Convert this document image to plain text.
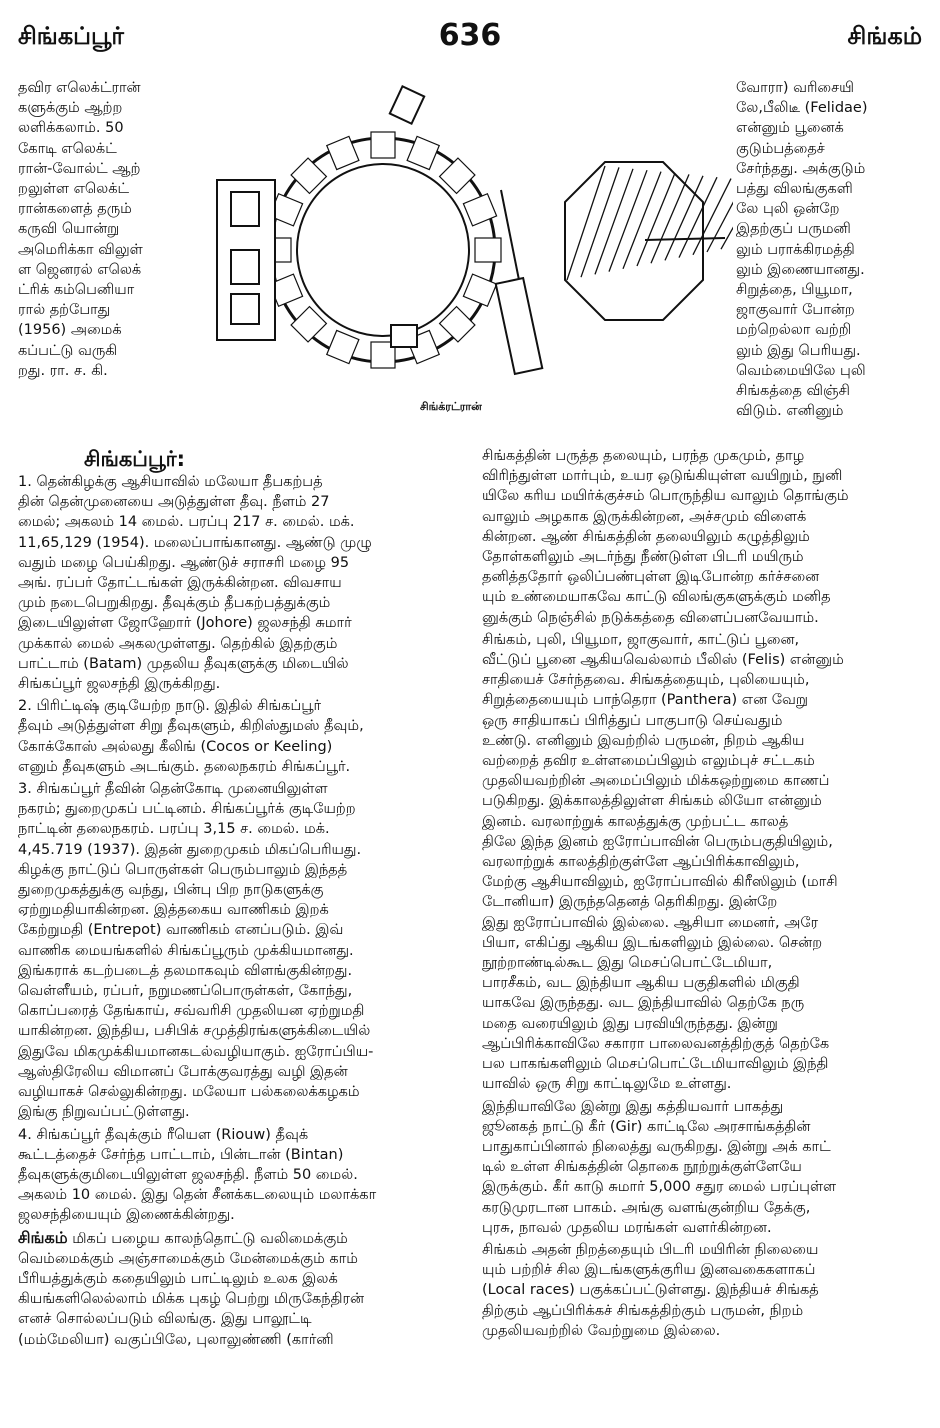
சிங்கப்பூர்	636	சிங்கம்
தவிர எலெக்ட்ரான்
களுக்கும் ஆற்ற
லளிக்கலாம். 50
கோடி எலெக்ட்
ரான்-வோல்ட் ஆற்
றலுள்ள எலெக்ட்
ரான்களைத் தரும்
கருவி யொன்று
அமெரிக்கா விலுள்
ள ஜெனரல் எலெக்
ட்ரிக் கம்பெனியா
ரால் தற்போது
(1956) அமைக்
கப்பட்டு வருகி
றது. ரா. ச. கி.
சிங்க்ரட்ரான்
வோரா) வரிசையி
லே,பீலிடீ (Felidae)
என்னும் பூனைக்
குடும்பத்தைச்
சேர்ந்தது. அக்குடும்
பத்து விலங்குகளி
லே புலி ஒன்றே
இதற்குப் பருமனி
லும் பராக்கிரமத்தி
லும் இணையானது.
சிறுத்தை, பியூமா,
ஜாகுவார் போன்ற
மற்றெல்லா வற்றி
லும் இது பெரியது.
வெம்மையிலே புலி
சிங்கத்தை விஞ்சி
விடும். எனினும்
சிங்கப்பூர்:
1. தென்கிழக்கு ஆசியாவில் மலேயா தீபகற்பத்
தின் தென்முனையை அடுத்துள்ள தீவு. நீளம் 27
மைல்; அகலம் 14 மைல். பரப்பு 217 ச. மைல். மக்.
11,65,129 (1954). மலைப்பாங்கானது. ஆண்டு முழு
வதும் மழை பெய்கிறது. ஆண்டுச் சராசரி மழை 95
அங். ரப்பர் தோட்டங்கள் இருக்கின்றன. விவசாய
மும் நடைபெறுகிறது. தீவுக்கும் தீபகற்பத்துக்கும்
இடையிலுள்ள ஜோஹோர் (Johore) ஜலசந்தி சுமார்
முக்கால் மைல் அகலமுள்ளது. தெற்கில் இதற்கும்
பாட்டாம் (Batam) முதலிய தீவுகளுக்கு மிடையில்
சிங்கப்பூர் ஜலசந்தி இருக்கிறது.
2. பிரிட்டிஷ் குடியேற்ற நாடு. இதில் சிங்கப்பூர்
தீவும் அடுத்துள்ள சிறு தீவுகளும், கிறிஸ்துமஸ் தீவும்,
கோக்கோஸ் அல்லது கீலிங் (Cocos or Keeling)
எனும் தீவுகளும் அடங்கும். தலைநகரம் சிங்கப்பூர்.
3. சிங்கப்பூர் தீவின் தென்கோடி முனையிலுள்ள
நகரம்; துறைமுகப் பட்டினம். சிங்கப்பூர்க் குடியேற்ற
நாட்டின் தலைநகரம். பரப்பு 3,15 ச. மைல். மக்.
4,45.719 (1937). இதன் துறைமுகம் மிகப்பெரியது.
கிழக்கு நாட்டுப் பொருள்கள் பெரும்பாலும் இந்தத்
துறைமுகத்துக்கு வந்து, பின்பு பிற நாடுகளுக்கு
ஏற்றுமதியாகின்றன. இத்தகைய வாணிகம் இறக்
கேற்றுமதி (Entrepot) வாணிகம் எனப்படும். இவ்
வாணிக மையங்களில் சிங்கப்பூரும் முக்கியமானது.
இங்கராக் கடற்படைத் தலமாகவும் விளங்குகின்றது.
வெள்ளீயம், ரப்பர், நறுமணப்பொருள்கள், கோந்து,
கொப்பரைத் தேங்காய், சவ்வரிசி முதலியன ஏற்றுமதி
யாகின்றன. இந்திய, பசிபிக் சமுத்திரங்களுக்கிடையில்
இதுவே மிகமுக்கியமானகடல்வழியாகும். ஐரோப்பிய-
ஆஸ்திரேலிய விமானப் போக்குவரத்து வழி இதன்
வழியாகச் செல்லுகின்றது. மலேயா பல்கலைக்கழகம்
இங்கு நிறுவப்பட்டுள்ளது.
4. சிங்கப்பூர் தீவுக்கும் ரீயௌ (Riouw) தீவுக்
கூட்டத்தைச் சேர்ந்த பாட்டாம், பின்டான் (Bintan)
தீவுகளுக்குமிடையிலுள்ள ஜலசந்தி. நீளம் 50 மைல்.
அகலம் 10 மைல். இது தென் சீனக்கடலையும் மலாக்கா
ஜலசந்தியையும் இணைக்கின்றது.
சிங்கம் மிகப் பழைய காலந்தொட்டு வலிமைக்கும்
வெம்மைக்கும் அஞ்சாமைக்கும் மேன்மைக்கும் காம்
பீரியத்துக்கும் கதையிலும் பாட்டிலும் உலக இலக்
கியங்களிலெல்லாம் மிக்க புகழ் பெற்று மிருகேந்திரன்
எனச் சொல்லப்படும் விலங்கு. இது பாலூட்டி
(மம்மேலியா) வகுப்பிலே, புலாலுண்ணி (கார்னி
சிங்கத்தின் பருத்த தலையும், பரந்த முகமும், தாழ
விரிந்துள்ள மார்பும், உயர ஒடுங்கியுள்ள வயிறும், நுனி
யிலே கரிய மயிர்க்குச்சம் பொருந்திய வாலும் தொங்கும்
வாலும் அழகாக இருக்கின்றன, அச்சமும் விளைக்
கின்றன. ஆண் சிங்கத்தின் தலையிலும் கழுத்திலும்
தோள்களிலும் அடர்ந்து நீண்டுள்ள பிடரி மயிரும்
தனித்ததோர் ஒலிப்பண்புள்ள இடிபோன்ற கர்ச்சனை
யும் உண்மையாகவே காட்டு விலங்குகளுக்கும் மனித
னுக்கும் நெஞ்சில் நடுக்கத்தை விளைப்பனவேயாம்.
சிங்கம், புலி, பியூமா, ஜாகுவார், காட்டுப் பூனை,
வீட்டுப் பூனை ஆகியவெல்லாம் பீலிஸ் (Felis) என்னும்
சாதியைச் சேர்ந்தவை. சிங்கத்தையும், புலியையும்,
சிறுத்தையையும் பாந்தெரா (Panthera) என வேறு
ஒரு சாதியாகப் பிரித்துப் பாகுபாடு செய்வதும்
உண்டு. எனினும் இவற்றில் பருமன், நிறம் ஆகிய
வற்றைத் தவிர உள்ளமைப்பிலும் எலும்புச் சட்டகம்
முதலியவற்றின் அமைப்பிலும் மிக்கஒற்றுமை காணப்
படுகிறது. இக்காலத்திலுள்ள சிங்கம் லியோ என்னும்
இனம். வரலாற்றுக் காலத்துக்கு முற்பட்ட காலத்
திலே இந்த இனம் ஐரோப்பாவின் பெரும்பகுதியிலும்,
வரலாற்றுக் காலத்திற்குள்ளே ஆப்பிரிக்காவிலும்,
மேற்கு ஆசியாவிலும், ஐரோப்பாவில் கிரீஸிலும் (மாசி
டோனியா) இருந்ததெனத் தெரிகிறது. இன்றே
இது ஐரோப்பாவில் இல்லை. ஆசியா மைனர், அரே
பியா, எகிப்து ஆகிய இடங்களிலும் இல்லை. சென்ற
நூற்றாண்டில்கூட இது மெசப்பொட்டேமியா,
பாரசீகம், வட இந்தியா ஆகிய பகுதிகளில் மிகுதி
யாகவே இருந்தது. வட இந்தியாவில் தெற்கே நரு
மதை வரையிலும் இது பரவியிருந்தது. இன்று
ஆப்பிரிக்காவிலே சகாரா பாலைவனத்திற்குத் தெற்கே
பல பாகங்களிலும் மெசப்பொட்டேமியாவிலும் இந்தி
யாவில் ஒரு சிறு காட்டிலுமே உள்ளது.
இந்தியாவிலே இன்று இது கத்தியவார் பாகத்து
ஜூனகத் நாட்டு கீர் (Gir) காட்டிலே அரசாங்கத்தின்
பாதுகாப்பினால் நிலைத்து வருகிறது. இன்று அக் காட்
டில் உள்ள சிங்கத்தின் தொகை நூற்றுக்குள்ளேயே
இருக்கும். கீர் காடு சுமார் 5,000 சதுர மைல் பரப்புள்ள
கரடுமுரடான பாகம். அங்கு வளங்குன்றிய தேக்கு,
புரசு, நாவல் முதலிய மரங்கள் வளர்கின்றன.
சிங்கம் அதன் நிறத்தையும் பிடரி மயிரின் நிலையை
யும் பற்றிச் சில இடங்களுக்குரிய இனவகைகளாகப்
(Local races) பகுக்கப்பட்டுள்ளது. இந்தியச் சிங்கத்
திற்கும் ஆப்பிரிக்கச் சிங்கத்திற்கும் பருமன், நிறம்
முதலியவற்றில் வேற்றுமை இல்லை.
